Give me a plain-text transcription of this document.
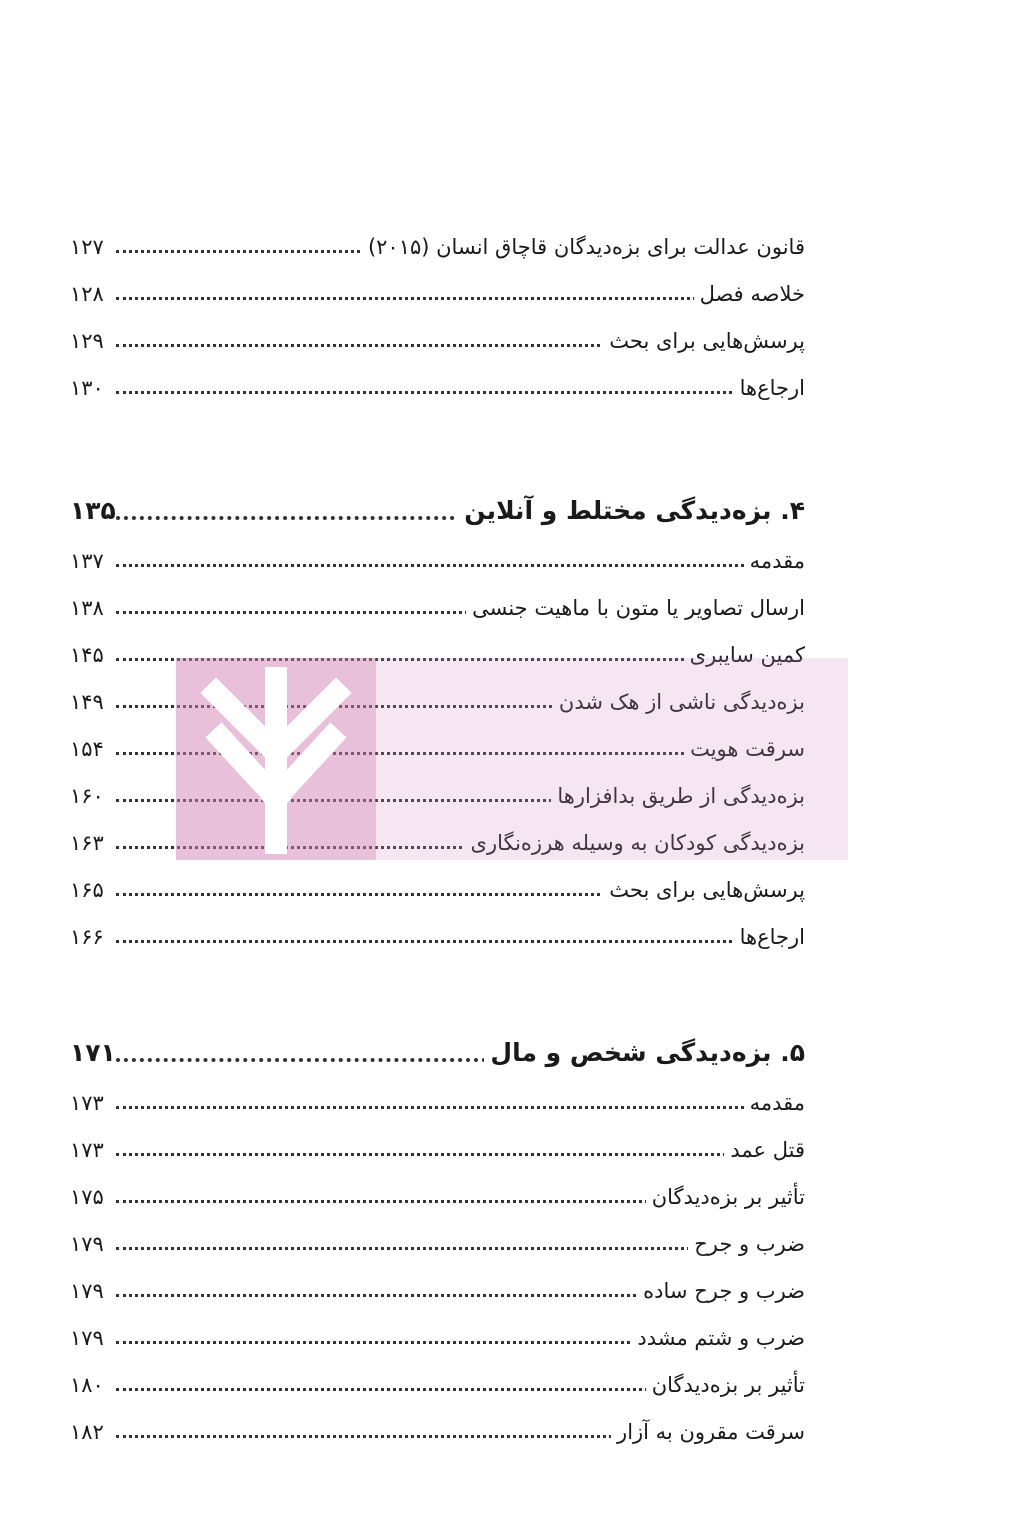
قانون عدالت برای بزه‌دیدگان قاچاق انسان (۲۰۱۵)
۱۲۷
خلاصه فصل
۱۲۸
پرسش‌هایی برای بحث
۱۲۹
ارجاع‌ها
۱۳۰
۴. بزه‌دیدگی مختلط و آنلاین
۱۳۵
مقدمه
۱۳۷
ارسال تصاویر یا متون با ماهیت جنسی
۱۳۸
کمین سایبری
۱۴۵
بزه‌دیدگی ناشی از هک شدن
۱۴۹
سرقت هویت
۱۵۴
بزه‌دیدگی از طریق بدافزارها
۱۶۰
بزه‌دیدگی کودکان به وسیله هرزه‌نگاری
۱۶۳
پرسش‌هایی برای بحث
۱۶۵
ارجاع‌ها
۱۶۶
۵. بزه‌دیدگی شخص و مال
۱۷۱
مقدمه
۱۷۳
قتل عمد
۱۷۳
تأثیر بر بزه‌دیدگان
۱۷۵
ضرب و جرح
۱۷۹
ضرب و جرح ساده
۱۷۹
ضرب و شتم مشدد
۱۷۹
تأثیر بر بزه‌دیدگان
۱۸۰
سرقت مقرون به آزار
۱۸۲
